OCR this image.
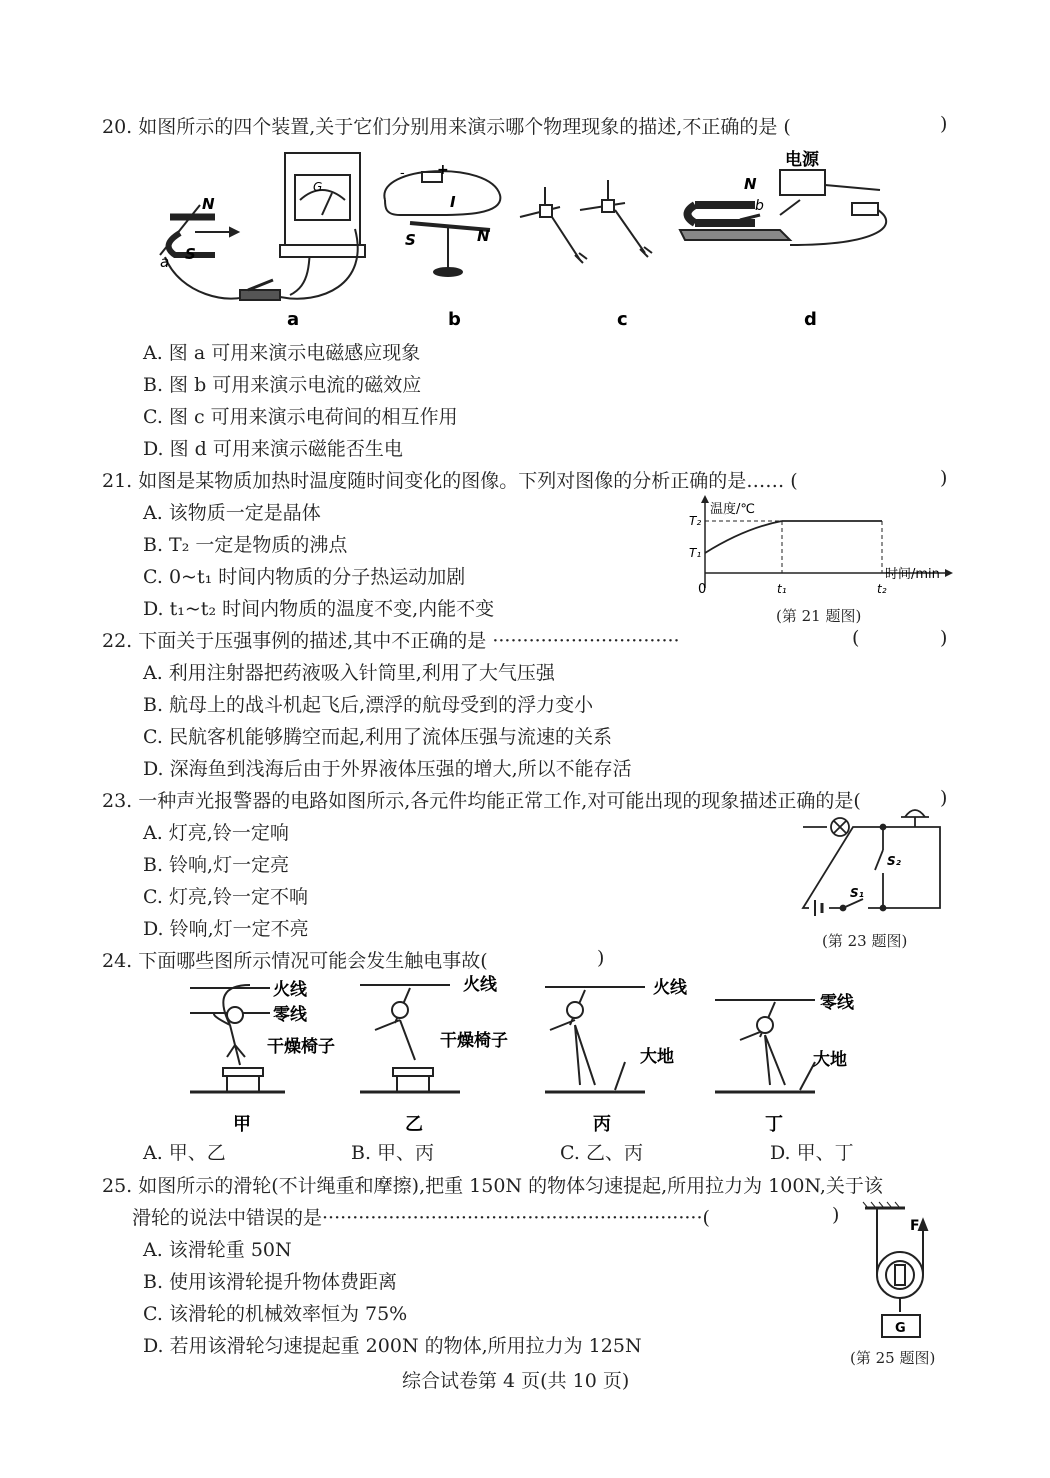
20. 如图所示的四个装置,关于它们分别用来演示哪个物理现象的描述,不正确的是 (	)
N
S
a
G
- +
I
S	N
电源
N
b
a	b	c	d
A. 图 a 可用来演示电磁感应现象
B. 图 b 可用来演示电流的磁效应
C. 图 c 可用来演示电荷间的相互作用
D. 图 d 可用来演示磁能否生电
21. 如图是某物质加热时温度随时间变化的图像。下列对图像的分析正确的是…… (	)
A. 该物质一定是晶体
B. T₂ 一定是物质的沸点
C. 0~t₁ 时间内物质的分子热运动加剧
D. t₁~t₂ 时间内物质的温度不变,内能不变
温度/℃
时间/min
T₂
T₁
0	t₁	t₂
(第 21 题图)
22. 下面关于压强事例的描述,其中不正确的是 ·······························	(	)
A. 利用注射器把药液吸入针筒里,利用了大气压强
B. 航母上的战斗机起飞后,漂浮的航母受到的浮力变小
C. 民航客机能够腾空而起,利用了流体压强与流速的关系
D. 深海鱼到浅海后由于外界液体压强的增大,所以不能存活
23. 一种声光报警器的电路如图所示,各元件均能正常工作,对可能出现的现象描述正确的是(	)
A. 灯亮,铃一定响
B. 铃响,灯一定亮
C. 灯亮,铃一定不响
D. 铃响,灯一定不亮
S₁
S₂
(第 23 题图)
24. 下面哪些图所示情况可能会发生触电事故(	)
火线
零线
干燥椅子
火线
干燥椅子
火线
大地
零线
大地
甲	乙	丙	丁
A. 甲、乙	B. 甲、丙	C. 乙、丙	D. 甲、丁
25. 如图所示的滑轮(不计绳重和摩擦),把重 150N 的物体匀速提起,所用拉力为 100N,关于该
滑轮的说法中错误的是·······························································(	)
A. 该滑轮重 50N
B. 使用该滑轮提升物体费距离
C. 该滑轮的机械效率恒为 75%
D. 若用该滑轮匀速提起重 200N 的物体,所用拉力为 125N
F
G
(第 25 题图)
综合试卷第 4 页(共 10 页)
